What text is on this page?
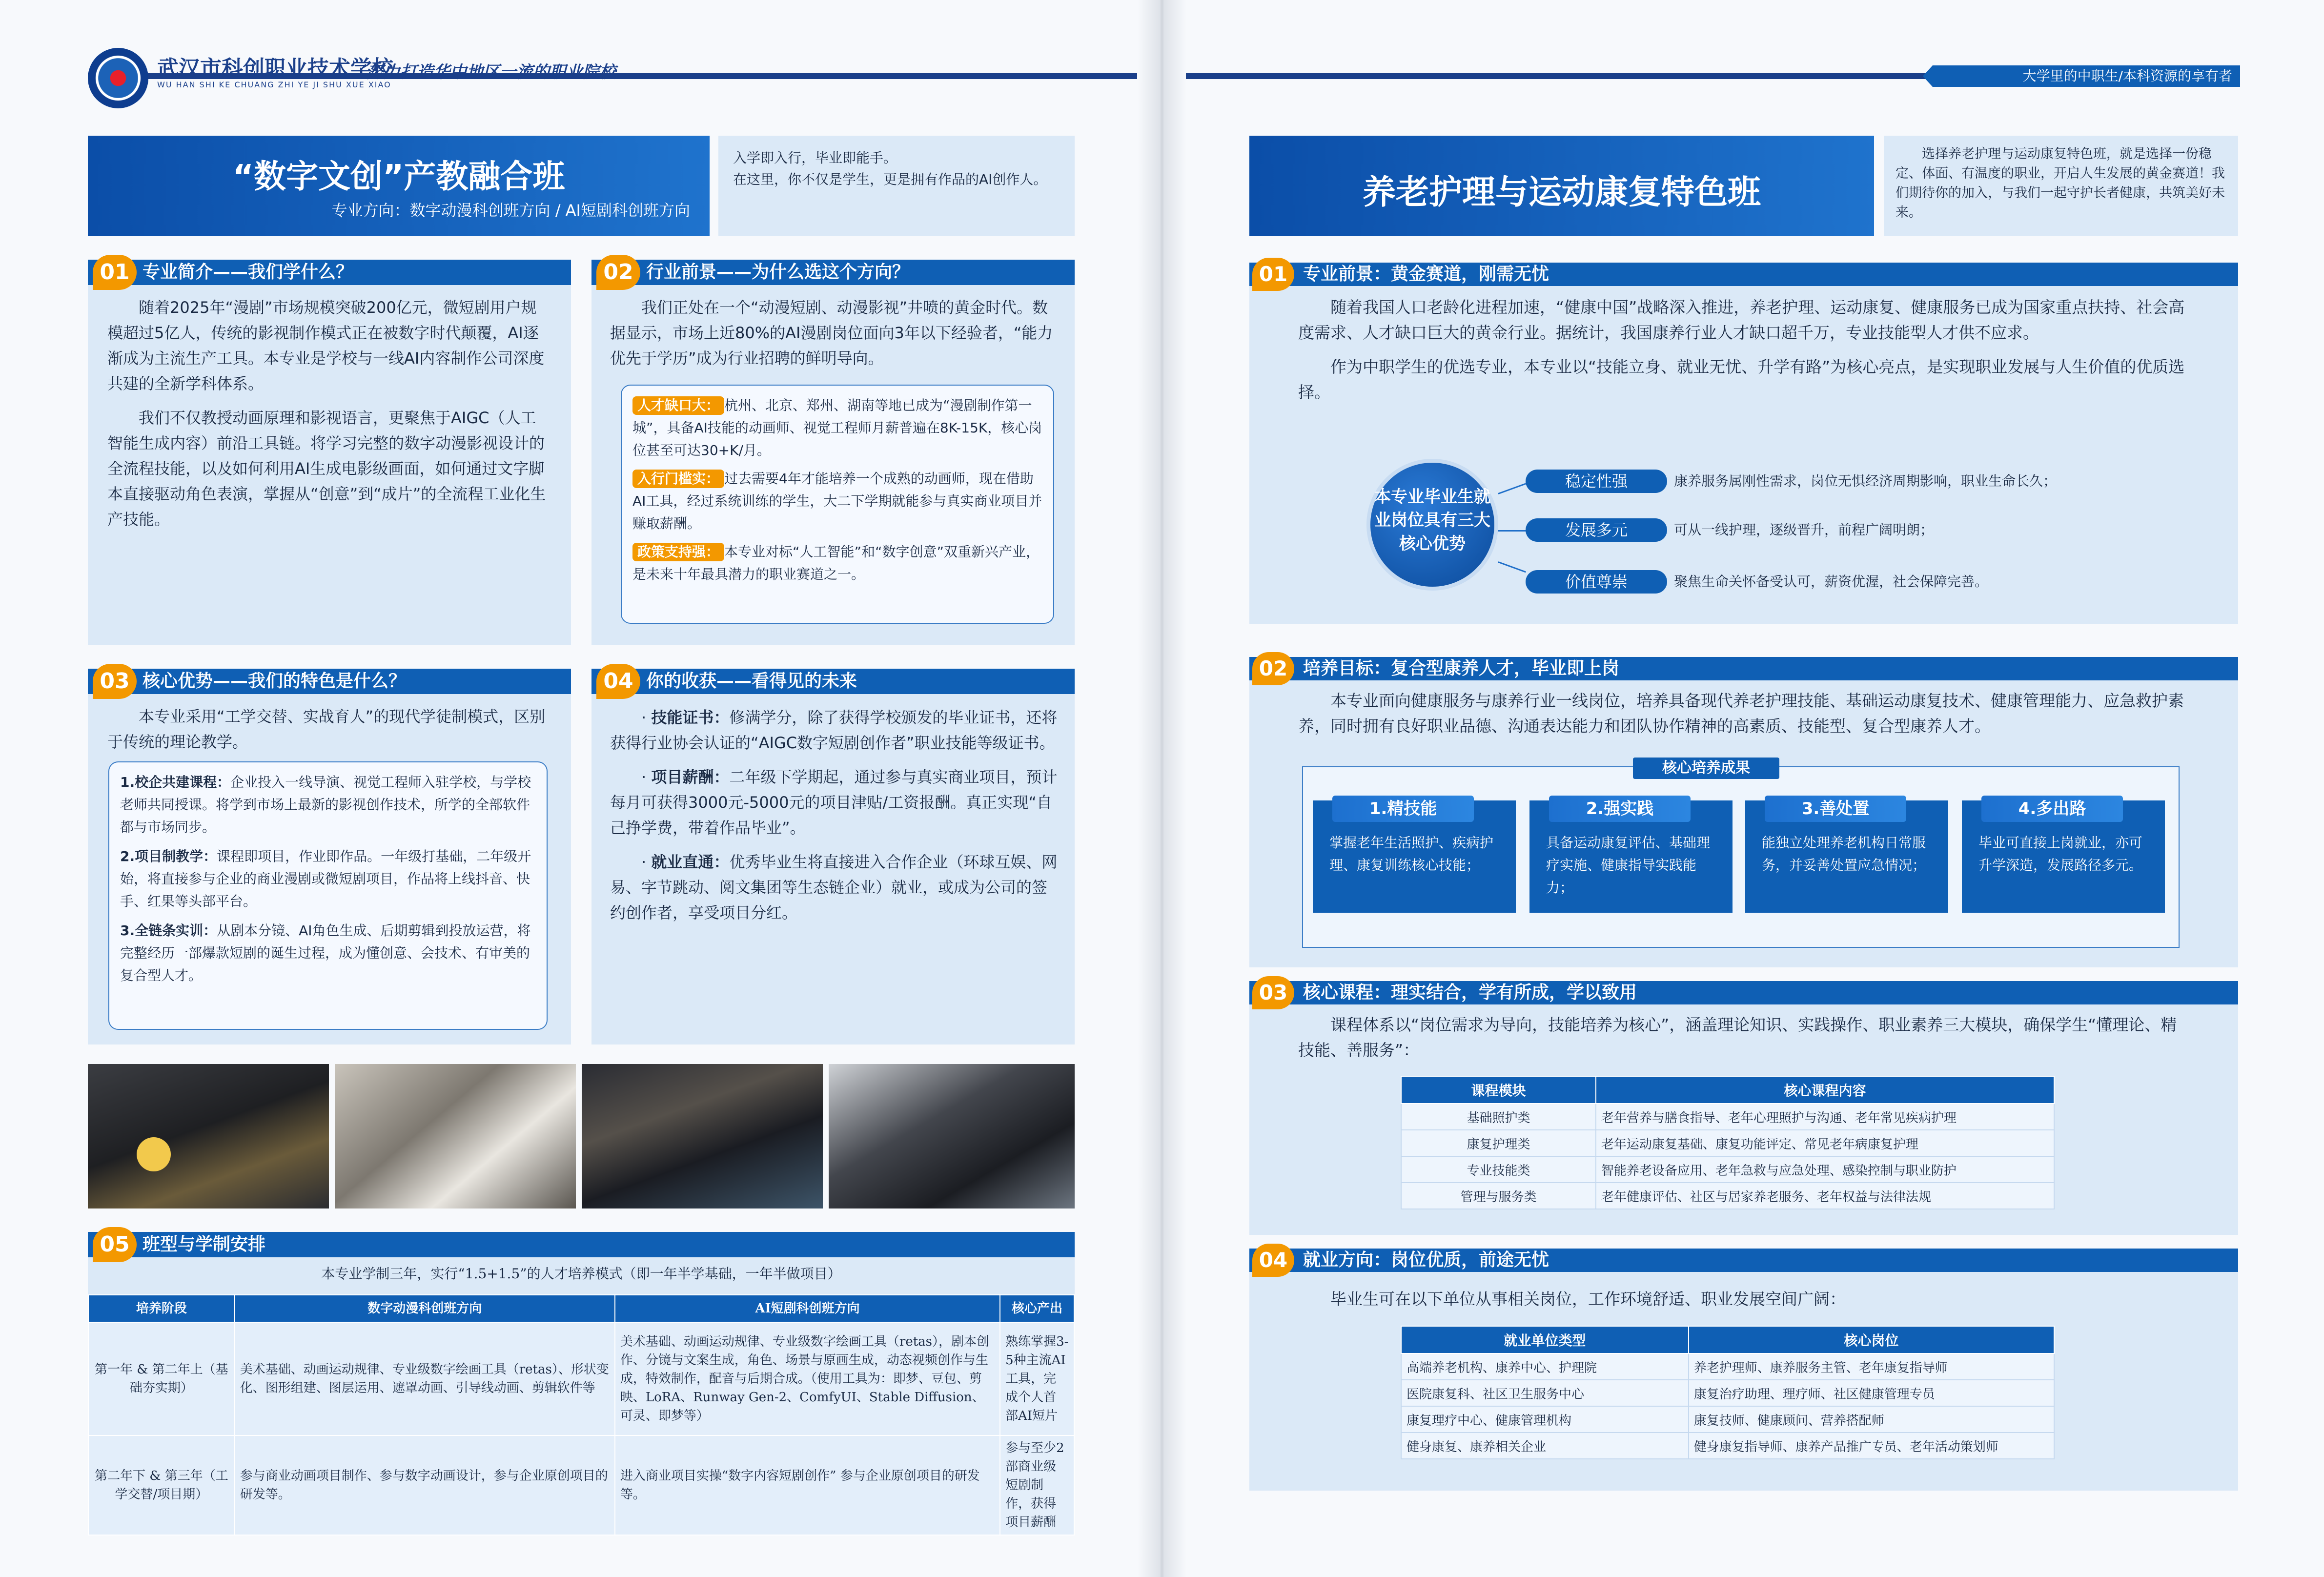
武汉市科创职业技术学校
WU HAN SHI KE CHUANG ZHI YE JI SHU XUE XIAO
努力打造华中地区一流的职业院校
“数字文创”产教融合班
专业方向：数字动漫科创班方向 / AI短剧科创班方向
入学即入行，毕业即能手。
在这里，你不仅是学生，更是拥有作品的AI创作人。
01 专业简介——我们学什么？

随着2025年“漫剧”市场规模突破200亿元，微短剧用户规模超过5亿人，传统的影视制作模式正在被数字时代颠覆，AI逐渐成为主流生产工具。本专业是学校与一线AI内容制作公司深度共建的全新学科体系。

我们不仅教授动画原理和影视语言，更聚焦于AIGC（人工智能生成内容）前沿工具链。将学习完整的数字动漫影视设计的全流程技能，以及如何利用AI生成电影级画面，如何通过文字脚本直接驱动角色表演，掌握从“创意”到“成片”的全流程工业化生产技能。

02 行业前景——为什么选这个方向？

我们正处在一个“动漫短剧、动漫影视”井喷的黄金时代。数据显示，市场上近80%的AI漫剧岗位面向3年以下经验者，“能力优先于学历”成为行业招聘的鲜明导向。

人才缺口大： 杭州、北京、郑州、湖南等地已成为“漫剧制作第一城”，具备AI技能的动画师、视觉工程师月薪普遍在8K-15K，核心岗位甚至可达30+K/月。
入行门槛实： 过去需要4年才能培养一个成熟的动画师，现在借助AI工具，经过系统训练的学生，大二下学期就能参与真实商业项目并赚取薪酬。
政策支持强： 本专业对标“人工智能”和“数字创意”双重新兴产业，是未来十年最具潜力的职业赛道之一。
03 核心优势——我们的特色是什么？

本专业采用“工学交替、实战育人”的现代学徒制模式，区别于传统的理论教学。

1.校企共建课程：企业投入一线导演、视觉工程师入驻学校，与学校老师共同授课。将学到市场上最新的影视创作技术，所学的全部软件都与市场同步。
2.项目制教学：课程即项目，作业即作品。一年级打基础，二年级开始，将直接参与企业的商业漫剧或微短剧项目，作品将上线抖音、快手、红果等头部平台。
3.全链条实训：从剧本分镜、AI角色生成、后期剪辑到投放运营，将完整经历一部爆款短剧的诞生过程，成为懂创意、会技术、有审美的复合型人才。
04 你的收获——看得见的未来

· 技能证书：修满学分，除了获得学校颁发的毕业证书，还将获得行业协会认证的“AIGC数字短剧创作者”职业技能等级证书。

· 项目薪酬：二年级下学期起，通过参与真实商业项目，预计每月可获得3000元-5000元的项目津贴/工资报酬。真正实现“自己挣学费，带着作品毕业”。

· 就业直通：优秀毕业生将直接进入合作企业（环球互娱、网易、字节跳动、阅文集团等生态链企业）就业，或成为公司的签约创作者，享受项目分红。

05 班型与学制安排
本专业学制三年，实行“1.5+1.5”的人才培养模式（即一年半学基础，一年半做项目）
培养阶段	数字动漫科创班方向	AI短剧科创班方向	核心产出
第一年 & 第二年上（基础夯实期）	美术基础、动画运动规律、专业级数字绘画工具（retas）、形状变化、图形组建、图层运用、遮罩动画、引导线动画、剪辑软件等	美术基础、动画运动规律、专业级数字绘画工具（retas），剧本创作、分镜与文案生成，角色、场景与原画生成，动态视频创作与生成，特效制作，配音与后期合成。（使用工具为：即梦、豆包、剪映、LoRA、Runway Gen-2、ComfyUI、Stable Diffusion、可灵、即梦等）	熟练掌握3-5种主流AI工具，完成个人首部AI短片
第二年下 & 第三年（工学交替/项目期）	参与商业动画项目制作、参与数字动画设计，参与企业原创项目的研发等。	进入商业项目实操“数字内容短剧创作” 参与企业原创项目的研发等。	参与至少2部商业级短剧制作，获得项目薪酬
大学里的中职生/本科资源的享有者
养老护理与运动康复特色班
选择养老护理与运动康复特色班，就是选择一份稳定、体面、有温度的职业，开启人生发展的黄金赛道！我们期待你的加入，与我们一起守护长者健康，共筑美好未来。
01 专业前景：黄金赛道，刚需无忧

随着我国人口老龄化进程加速，“健康中国”战略深入推进，养老护理、运动康复、健康服务已成为国家重点扶持、社会高度需求、人才缺口巨大的黄金行业。据统计，我国康养行业人才缺口超千万，专业技能型人才供不应求。

作为中职学生的优选专业，本专业以“技能立身、就业无忧、升学有路”为核心亮点，是实现职业发展与人生价值的优质选择。

本专业毕业生就业岗位具有三大核心优势
稳定性强	康养服务属刚性需求，岗位无惧经济周期影响，职业生命长久；
发展多元	可从一线护理，逐级晋升，前程广阔明朗；
价值尊崇	聚焦生命关怀备受认可，薪资优渥，社会保障完善。
02 培养目标：复合型康养人才，毕业即上岗

本专业面向健康服务与康养行业一线岗位，培养具备现代养老护理技能、基础运动康复技术、健康管理能力、应急救护素养，同时拥有良好职业品德、沟通表达能力和团队协作精神的高素质、技能型、复合型康养人才。

核心培养成果
1.精技能
掌握老年生活照护、疾病护理、康复训练核心技能；
2.强实践
具备运动康复评估、基础理疗实施、健康指导实践能力；
3.善处置
能独立处理养老机构日常服务，并妥善处置应急情况；
4.多出路
毕业可直接上岗就业，亦可升学深造，发展路径多元。
03 核心课程：理实结合，学有所成，学以致用

课程体系以“岗位需求为导向，技能培养为核心”，涵盖理论知识、实践操作、职业素养三大模块，确保学生“懂理论、精技能、善服务”：

课程模块	核心课程内容
基础照护类	老年营养与膳食指导、老年心理照护与沟通、老年常见疾病护理
康复护理类	老年运动康复基础、康复功能评定、常见老年病康复护理
专业技能类	智能养老设备应用、老年急救与应急处理、感染控制与职业防护
管理与服务类	老年健康评估、社区与居家养老服务、老年权益与法律法规
04 就业方向：岗位优质，前途无忧

毕业生可在以下单位从事相关岗位，工作环境舒适、职业发展空间广阔：

就业单位类型	核心岗位
高端养老机构、康养中心、护理院	养老护理师、康养服务主管、老年康复指导师
医院康复科、社区卫生服务中心	康复治疗助理、理疗师、社区健康管理专员
康复理疗中心、健康管理机构	康复技师、健康顾问、营养搭配师
健身康复、康养相关企业	健身康复指导师、康养产品推广专员、老年活动策划师
